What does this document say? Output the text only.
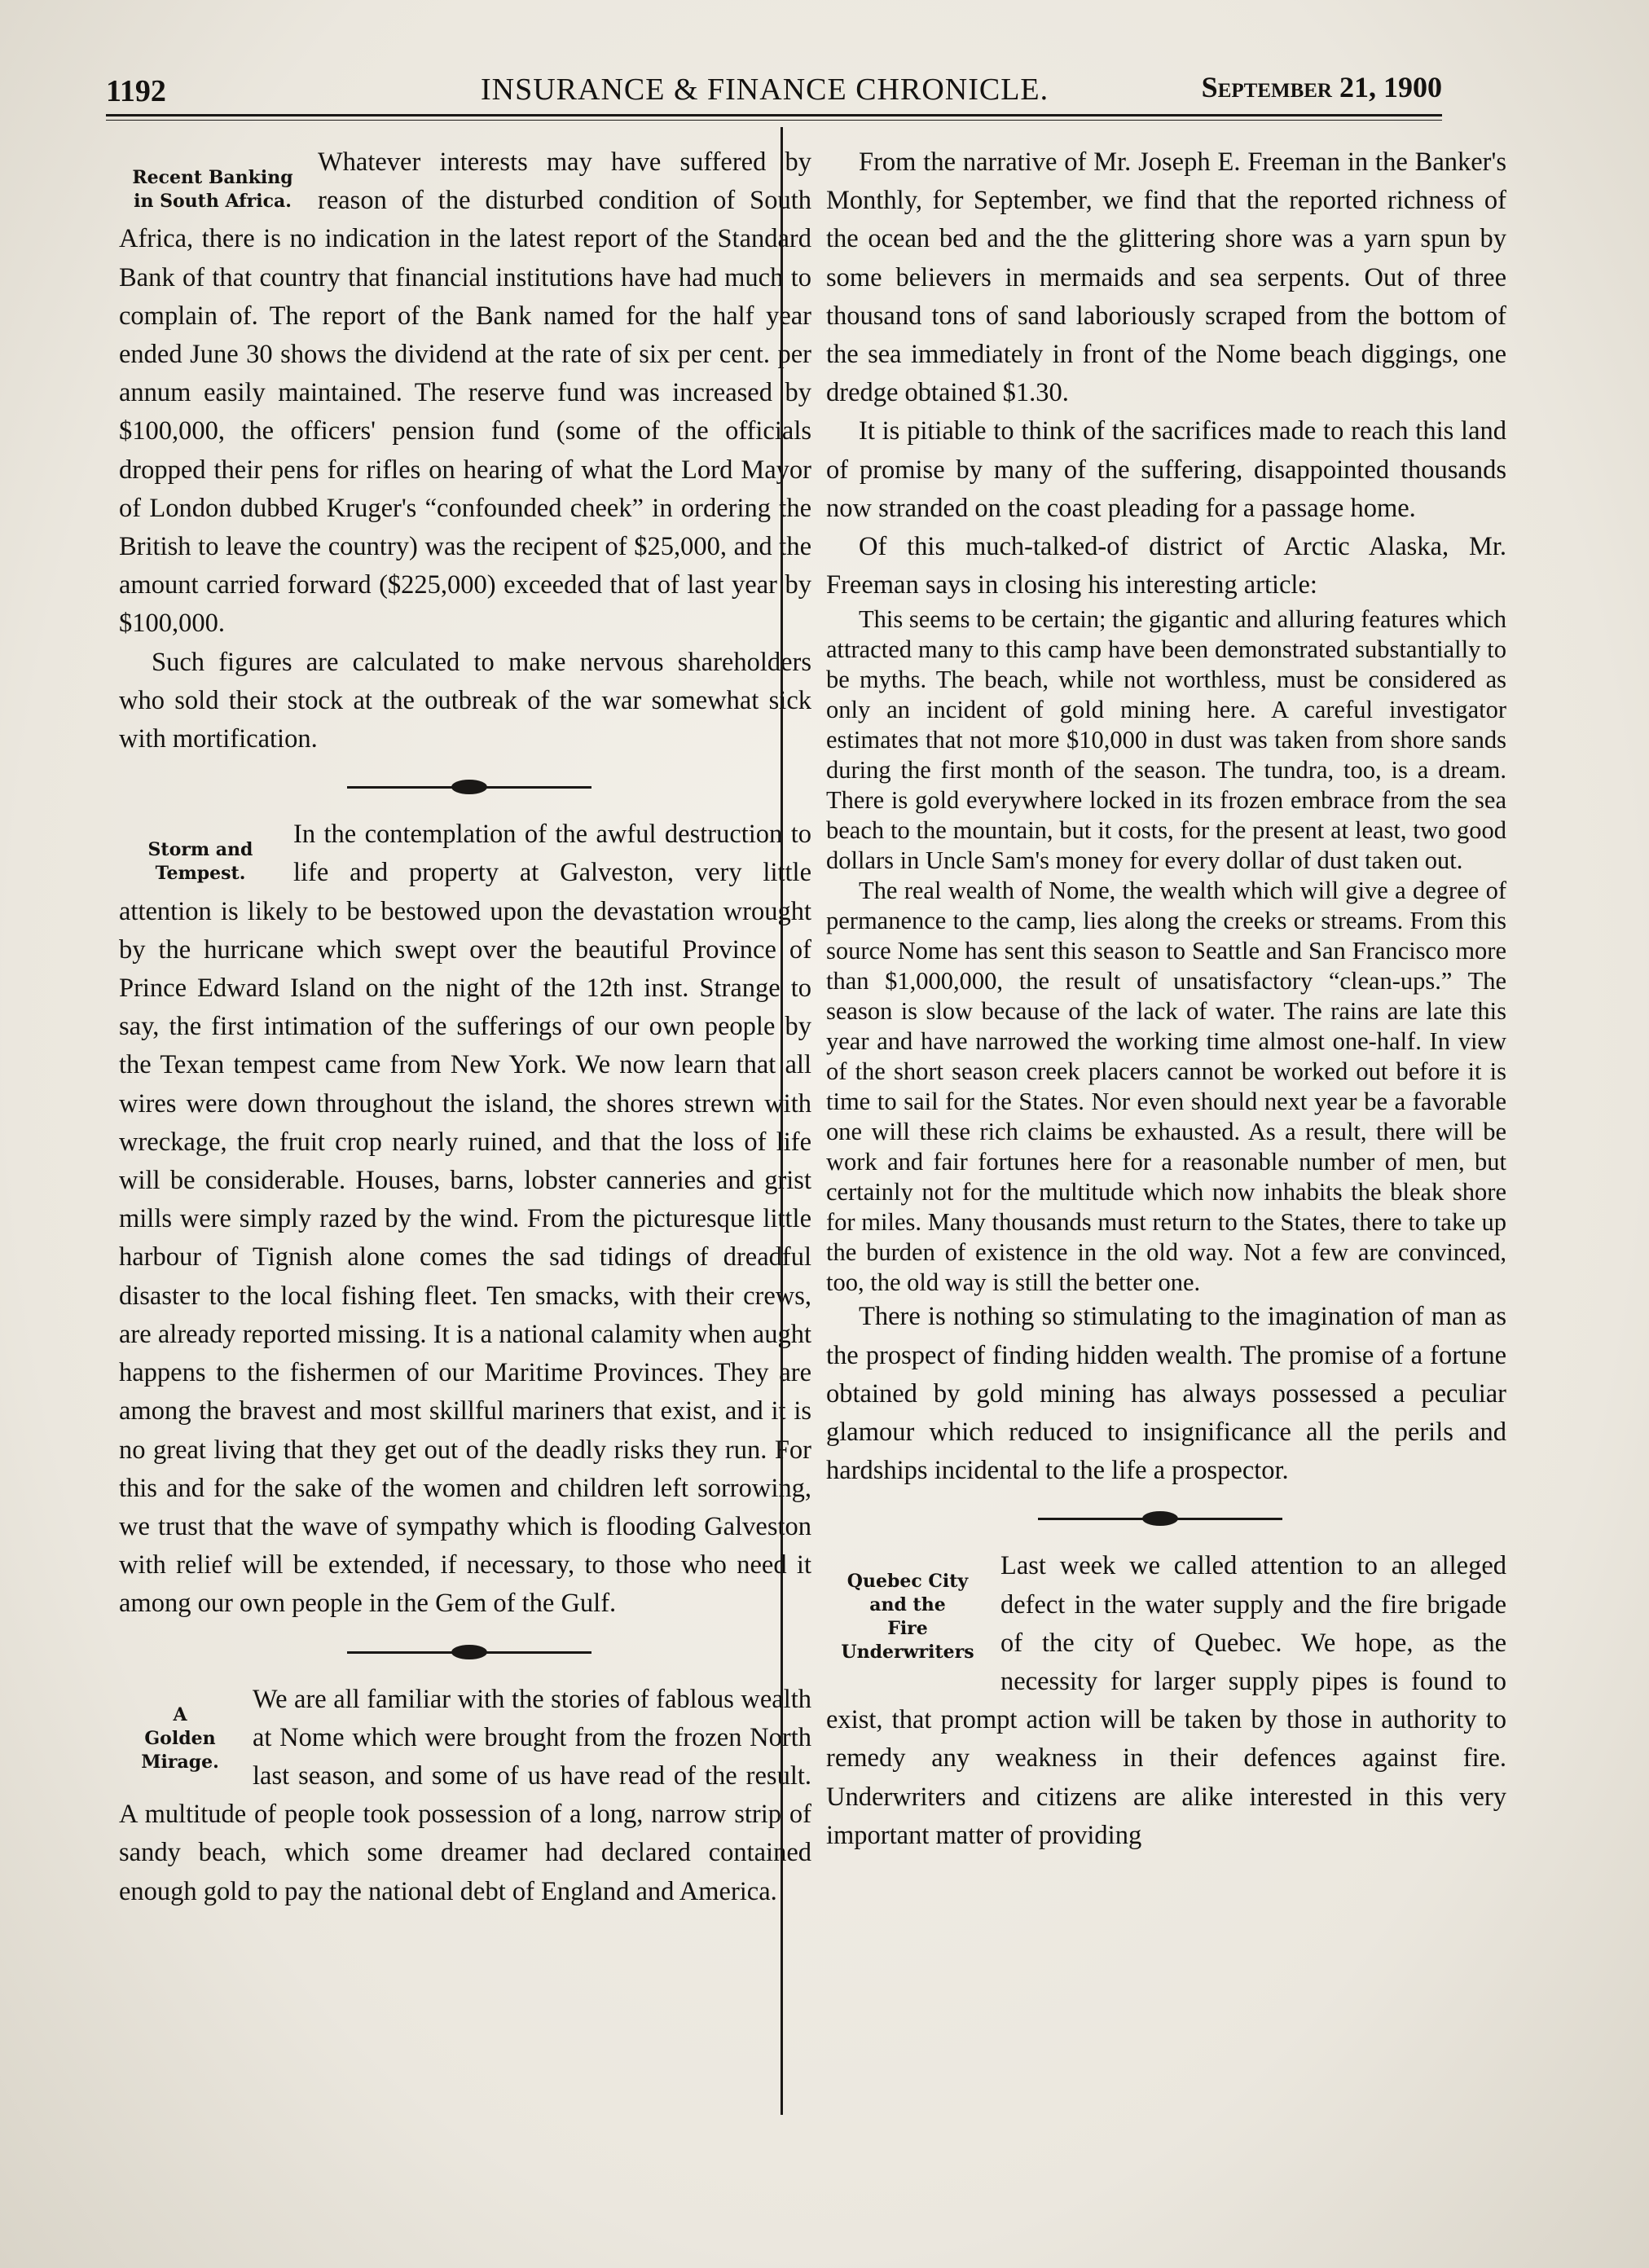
1192	INSURANCE & FINANCE CHRONICLE.	September 21, 1900
Recent Banking
in South Africa.

Whatever interests may have suffered by reason of the disturbed condition of South Africa, there is no indication in the latest report of the Standard Bank of that country that financial institutions have had much to complain of. The report of the Bank named for the half year ended June 30 shows the dividend at the rate of six per cent. per annum easily maintained. The reserve fund was increased by $100,000, the officers' pension fund (some of the officials dropped their pens for rifles on hearing of what the Lord Mayor of London dubbed Kruger's “confounded cheek” in ordering the British to leave the country) was the recipent of $25,000, and the amount carried forward ($225,000) exceeded that of last year by $100,000.

Such figures are calculated to make nervous shareholders who sold their stock at the outbreak of the war somewhat sick with mortification.

Storm and
Tempest.

In the contemplation of the awful destruction to life and property at Galveston, very little attention is likely to be bestowed upon the devastation wrought by the hurricane which swept over the beautiful Province of Prince Edward Island on the night of the 12th inst. Strange to say, the first intimation of the sufferings of our own people by the Texan tempest came from New York. We now learn that all wires were down throughout the island, the shores strewn with wreckage, the fruit crop nearly ruined, and that the loss of life will be considerable. Houses, barns, lobster canneries and grist mills were simply razed by the wind. From the picturesque little harbour of Tignish alone comes the sad tidings of dreadful disaster to the local fishing fleet. Ten smacks, with their crews, are already reported missing. It is a national calamity when aught happens to the fishermen of our Maritime Provinces. They are among the bravest and most skillful mariners that exist, and it is no great living that they get out of the deadly risks they run. For this and for the sake of the women and children left sorrowing, we trust that the wave of sympathy which is flooding Galveston with relief will be extended, if necessary, to those who need it among our own people in the Gem of the Gulf.

A
Golden
Mirage.

We are all familiar with the stories of fablous wealth at Nome which were brought from the frozen North last season, and some of us have read of the result. A multitude of people took possession of a long, narrow strip of sandy beach, which some dreamer had declared contained enough gold to pay the national debt of England and America.

From the narrative of Mr. Joseph E. Freeman in the Banker's Monthly, for September, we find that the reported richness of the ocean bed and the the glittering shore was a yarn spun by some believers in mermaids and sea serpents. Out of three thousand tons of sand laboriously scraped from the bottom of the sea immediately in front of the Nome beach diggings, one dredge obtained $1.30.

It is pitiable to think of the sacrifices made to reach this land of promise by many of the suffering, disappointed thousands now stranded on the coast pleading for a passage home.

Of this much-talked-of district of Arctic Alaska, Mr. Freeman says in closing his interesting article:

This seems to be certain; the gigantic and alluring features which attracted many to this camp have been demonstrated substantially to be myths. The beach, while not worthless, must be considered as only an incident of gold mining here. A careful investigator estimates that not more $10,000 in dust was taken from shore sands during the first month of the season. The tundra, too, is a dream. There is gold everywhere locked in its frozen embrace from the sea beach to the mountain, but it costs, for the present at least, two good dollars in Uncle Sam's money for every dollar of dust taken out.

The real wealth of Nome, the wealth which will give a degree of permanence to the camp, lies along the creeks or streams. From this source Nome has sent this season to Seattle and San Francisco more than $1,000,000, the result of unsatisfactory “clean-ups.” The season is slow because of the lack of water. The rains are late this year and have narrowed the working time almost one-half. In view of the short season creek placers cannot be worked out before it is time to sail for the States. Nor even should next year be a favorable one will these rich claims be exhausted. As a result, there will be work and fair fortunes here for a reasonable number of men, but certainly not for the multitude which now inhabits the bleak shore for miles. Many thousands must return to the States, there to take up the burden of existence in the old way. Not a few are convinced, too, the old way is still the better one.

There is nothing so stimulating to the imagination of man as the prospect of finding hidden wealth. The promise of a fortune obtained by gold mining has always possessed a peculiar glamour which reduced to insignificance all the perils and hardships incidental to the life a prospector.

Quebec City
and the
Fire
Underwriters

Last week we called attention to an alleged defect in the water supply and the fire brigade of the city of Quebec. We hope, as the necessity for larger supply pipes is found to exist, that prompt action will be taken by those in authority to remedy any weakness in their defences against fire. Underwriters and citizens are alike interested in this very important matter of providing
